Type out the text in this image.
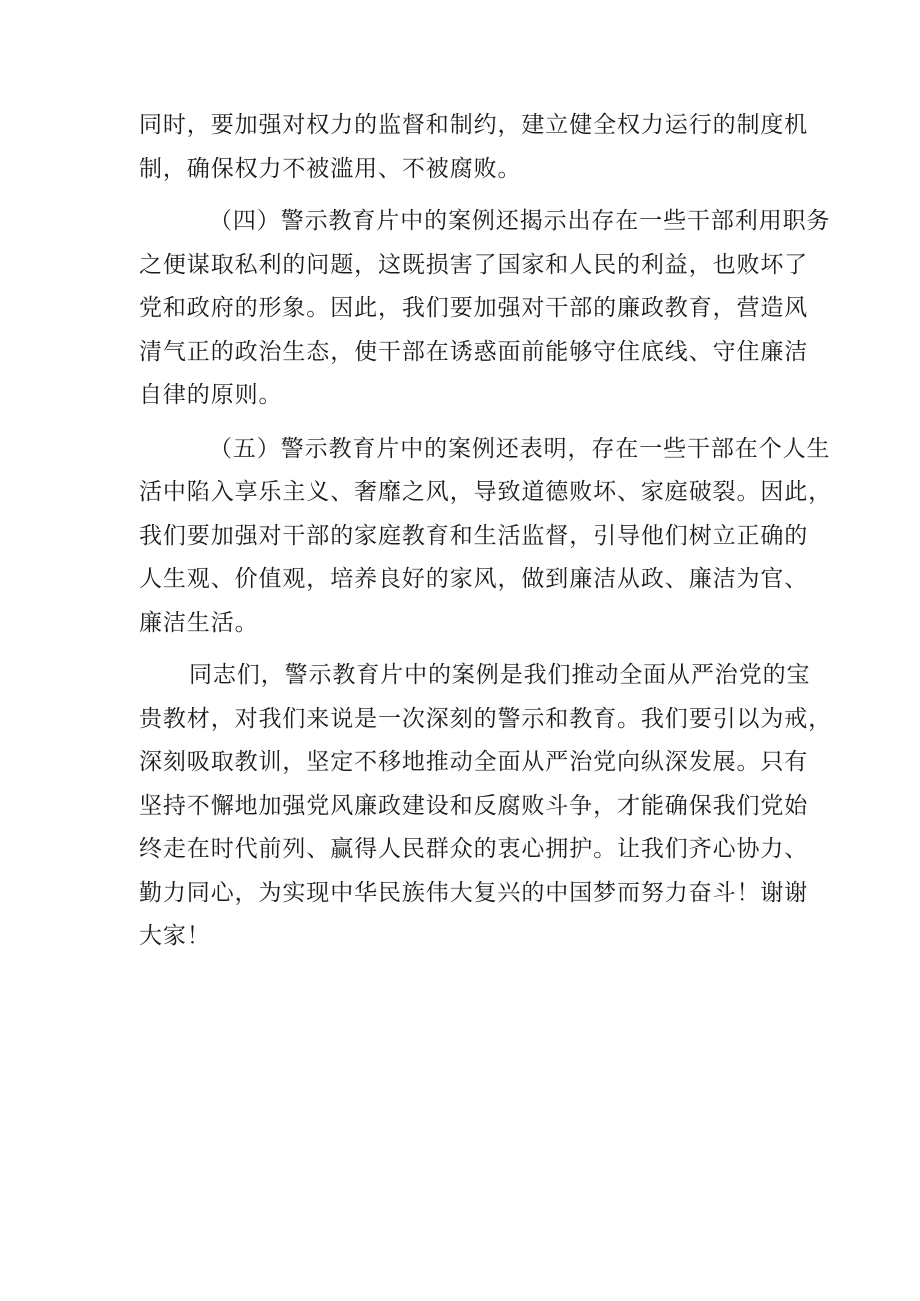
同时，要加强对权力的监督和制约，建立健全权力运行的制度机
制，确保权力不被滥用、不被腐败。
（四）警示教育片中的案例还揭示出存在一些干部利用职务
之便谋取私利的问题，这既损害了国家和人民的利益，也败坏了
党和政府的形象。因此，我们要加强对干部的廉政教育，营造风
清气正的政治生态，使干部在诱惑面前能够守住底线、守住廉洁
自律的原则。
（五）警示教育片中的案例还表明，存在一些干部在个人生
活中陷入享乐主义、奢靡之风，导致道德败坏、家庭破裂。因此，
我们要加强对干部的家庭教育和生活监督，引导他们树立正确的
人生观、价值观，培养良好的家风，做到廉洁从政、廉洁为官、
廉洁生活。
同志们，警示教育片中的案例是我们推动全面从严治党的宝
贵教材，对我们来说是一次深刻的警示和教育。我们要引以为戒，
深刻吸取教训，坚定不移地推动全面从严治党向纵深发展。只有
坚持不懈地加强党风廉政建设和反腐败斗争，才能确保我们党始
终走在时代前列、赢得人民群众的衷心拥护。让我们齐心协力、
勤力同心，为实现中华民族伟大复兴的中国梦而努力奋斗！谢谢
大家！
